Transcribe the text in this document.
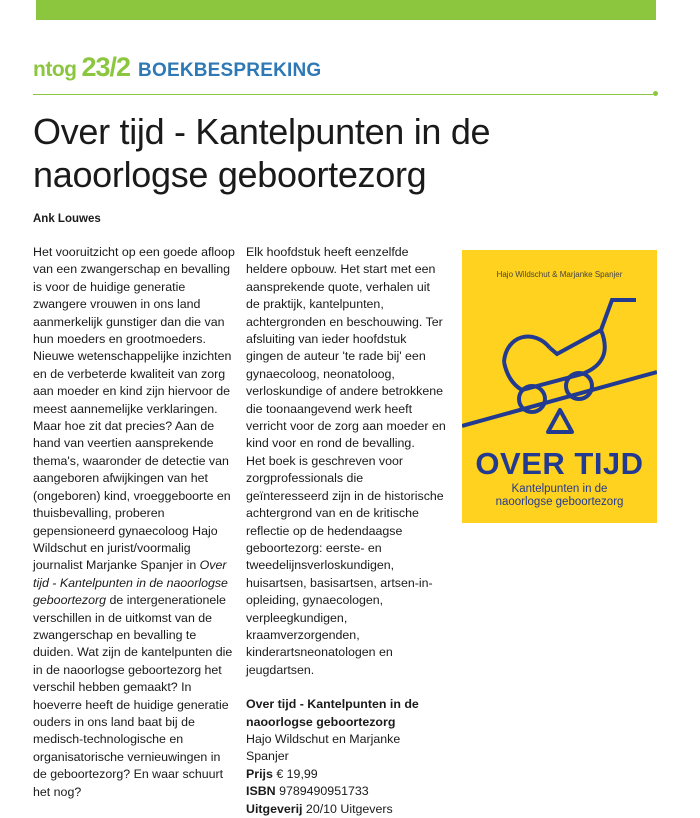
ntog 23/2 BOEKBESPREKING
Over tijd - Kantelpunten in de naoorlogse geboortezorg
Ank Louwes

Het vooruitzicht op een goede afloop van een zwangerschap en bevalling is voor de huidige generatie zwangere vrouwen in ons land aanmerkelijk gunstiger dan die van hun moeders en grootmoeders. Nieuwe wetenschappelijke inzichten en de verbeterde kwaliteit van zorg aan moeder en kind zijn hiervoor de meest aannemelijke verklaringen. Maar hoe zit dat precies? Aan de hand van veertien aansprekende thema's, waaronder de detectie van aangeboren afwijkingen van het (ongeboren) kind, vroeggeboorte en thuisbevalling, proberen gepensioneerd gynaecoloog Hajo Wildschut en jurist/voormalig journalist Marjanke Spanjer in Over tijd - Kantelpunten in de naoorlogse geboortezorg de intergenerationele verschillen in de uitkomst van de zwangerschap en bevalling te duiden. Wat zijn de kantelpunten die in de naoorlogse geboortezorg het verschil hebben gemaakt? In hoeverre heeft de huidige generatie ouders in ons land baat bij de medisch-technologische en organisatorische vernieuwingen in de geboortezorg? En waar schuurt het nog?

Elk hoofdstuk heeft eenzelfde heldere opbouw. Het start met een aansprekende quote, verhalen uit de praktijk, kantelpunten, achtergronden en beschouwing. Ter afsluiting van ieder hoofdstuk gingen de auteur 'te rade bij' een gynaecoloog, neonatoloog, verloskundige of andere betrokkene die toonaangevend werk heeft verricht voor de zorg aan moeder en kind voor en rond de bevalling.

Het boek is geschreven voor zorgprofessionals die geïnteresseerd zijn in de historische achtergrond van en de kritische reflectie op de hedendaagse geboortezorg: eerste- en tweedelijnsverloskundigen, huisartsen, basisartsen, artsen-in-opleiding, gynaecologen, verpleegkundigen, kraamverzorgenden, kinderartsneonatologen en jeugdartsen.

Over tijd - Kantelpunten in de naoorlogse geboortezorg

Hajo Wildschut en Marjanke Spanjer

Prijs € 19,99

ISBN 9789490951733

Uitgeverij 20/10 Uitgevers

Hajo Wildschut & Marjanke Spanjer
OVER TIJD
Kantelpunten in de naoorlogse geboortezorg
